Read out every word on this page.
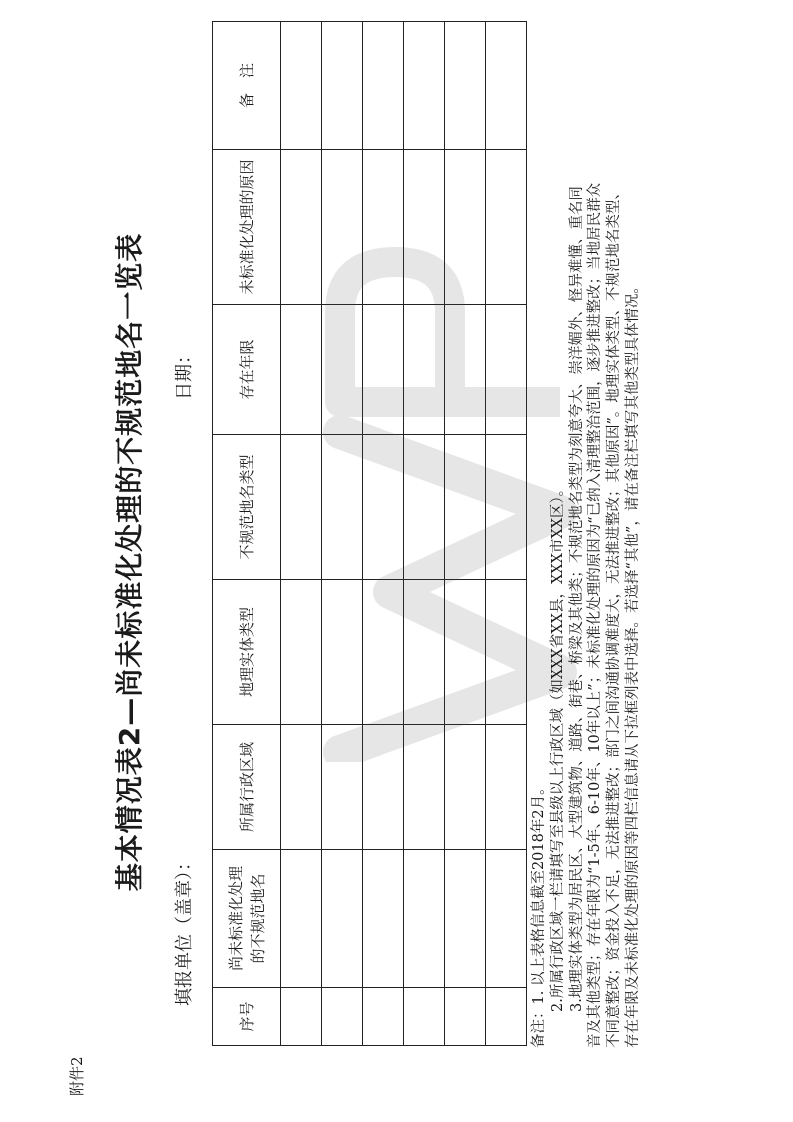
附件2
基本情况表2—尚未标准化处理的不规范地名一览表
填报单位（盖章）：
日期：
序号	尚未标准化处理的不规范地名	所属行政区域	地理实体类型	不规范地名类型	存在年限	未标准化处理的原因	备　注

备注：1. 以上表格信息截至2018年2月。 2.所属行政区域一栏请填写至县级以上行政区域（如XXX省XX县，XXX市XX区）。 3.地理实体类型为居民区、大型建筑物、道路、街巷、桥梁及其他类；不规范地名类型为刻意夸大、崇洋媚外、怪异难懂、重名同 音及其他类型；存在年限为“1-5年、6-10年、10年以上”；未标准化处理的原因为“已纳入清理整治范围，逐步推进整改；当地居民群众 不同意整改；资金投入不足，无法推进整改；部门之间沟通协调难度大，无法推进整改；其他原因”。地理实体类型、不规范地名类型、 存在年限及未标准化处理的原因等四栏信息请从下拉框列表中选择。若选择“其他”，请在备注栏填写其他类型具体情况。
